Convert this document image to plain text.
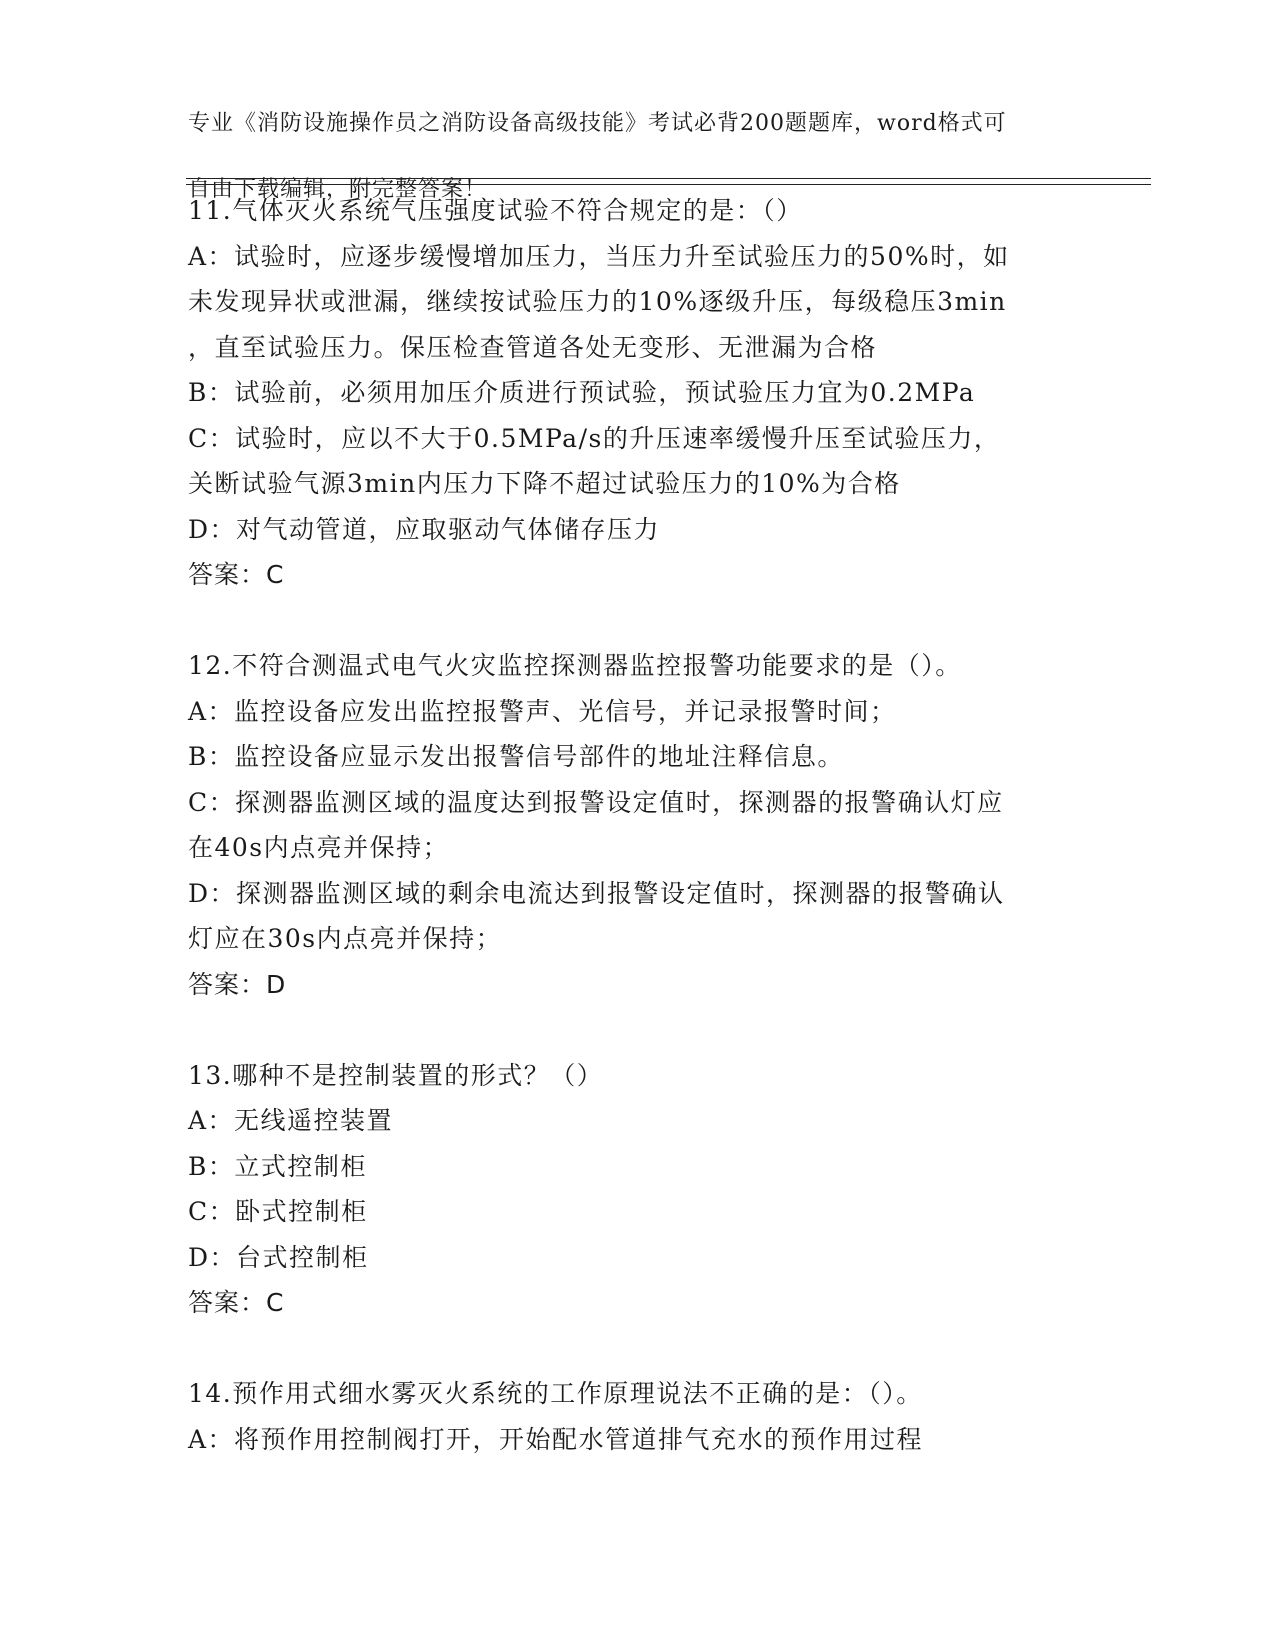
专业《消防设施操作员之消防设备高级技能》考试必背200题题库，word格式可

自由下载编辑，附完整答案！

11.气体灭火系统气压强度试验不符合规定的是：（）
A：试验时，应逐步缓慢增加压力，当压力升至试验压力的50%时，如
未发现异状或泄漏，继续按试验压力的10%逐级升压，每级稳压3min
，直至试验压力。保压检查管道各处无变形、无泄漏为合格
B：试验前，必须用加压介质进行预试验，预试验压力宜为0.2MPa
C：试验时，应以不大于0.5MPa/s的升压速率缓慢升压至试验压力，
关断试验气源3min内压力下降不超过试验压力的10%为合格
D：对气动管道，应取驱动气体储存压力
答案：C
12.不符合测温式电气火灾监控探测器监控报警功能要求的是（）。
A：监控设备应发出监控报警声、光信号，并记录报警时间；
B：监控设备应显示发出报警信号部件的地址注释信息。
C：探测器监测区域的温度达到报警设定值时，探测器的报警确认灯应
在40s内点亮并保持；
D：探测器监测区域的剩余电流达到报警设定值时，探测器的报警确认
灯应在30s内点亮并保持；
答案：D
13.哪种不是控制装置的形式？（）
A：无线遥控装置
B：立式控制柜
C：卧式控制柜
D：台式控制柜
答案：C
14.预作用式细水雾灭火系统的工作原理说法不正确的是：（）。
A：将预作用控制阀打开，开始配水管道排气充水的预作用过程
